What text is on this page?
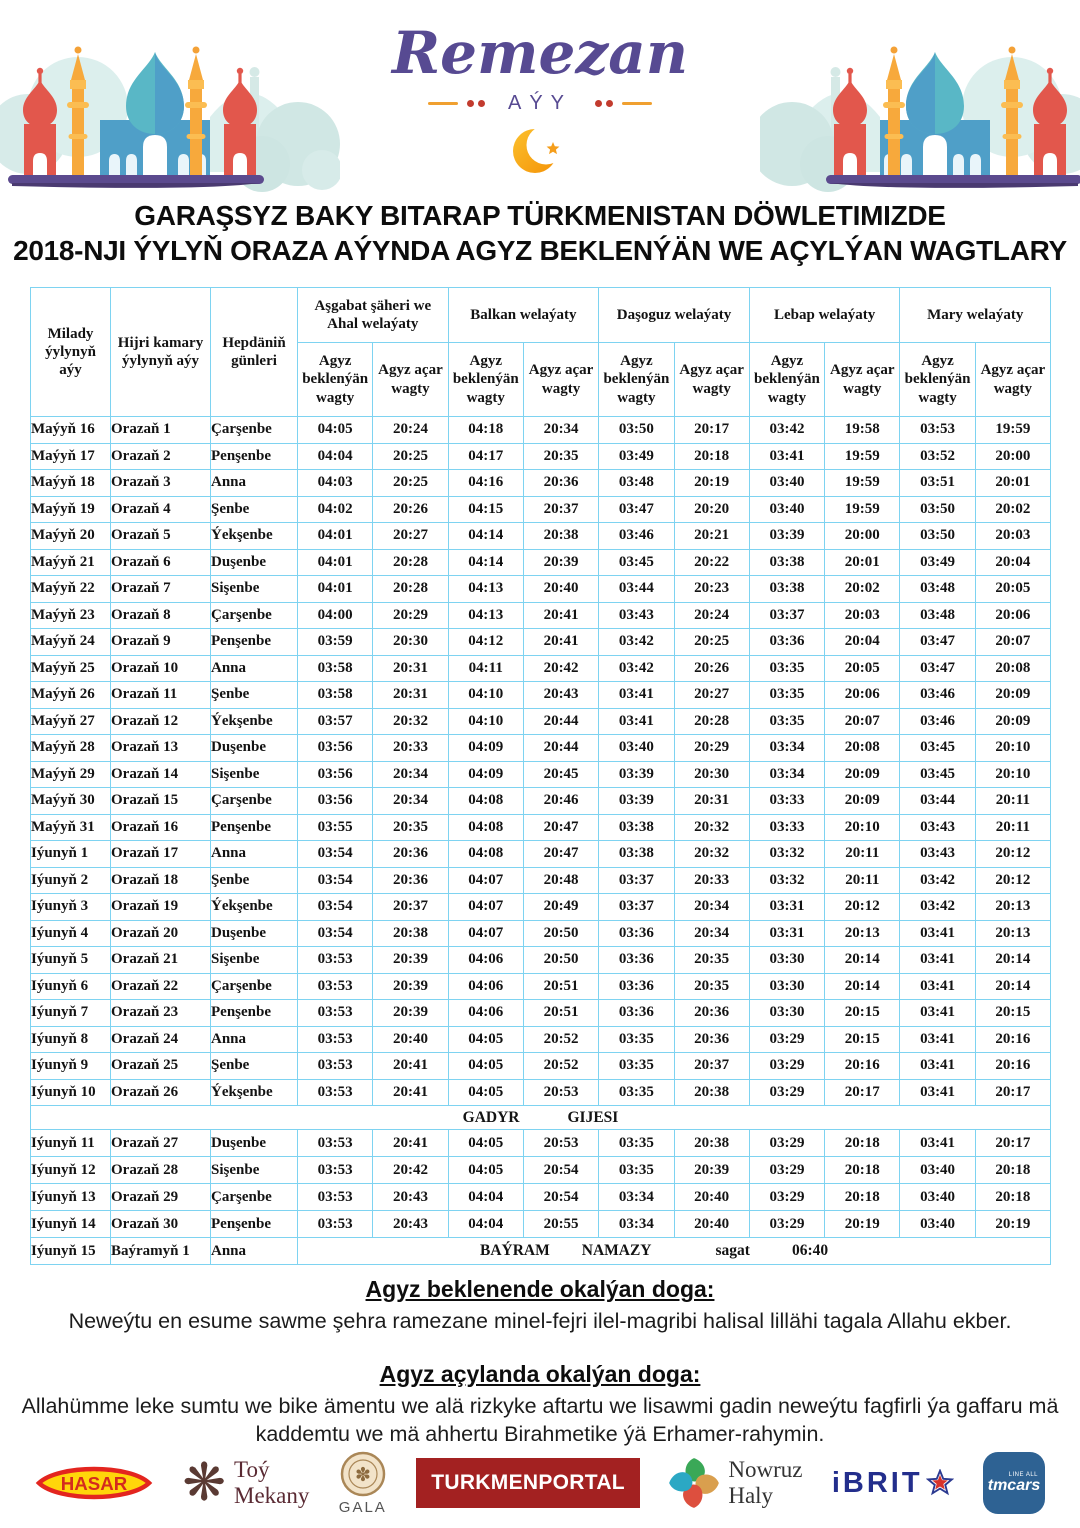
Remezan
AÝY
GARAŞSYZ BAKY BITARAP TÜRKMENISTAN DÖWLETIMIZDE
2018-NJI ÝYLYŇ ORAZA AÝYNDA AGYZ BEKLENÝÄN WE AÇYLÝAN WAGTLARY
Milady ýylynyň aýy	Hijri kamary ýylynyň aýy	Hepdäniň günleri	Aşgabat şäheri we Ahal welaýaty		Balkan welaýaty		Daşoguz welaýaty		Lebap welaýaty		Mary welaýaty	
			Agyz beklenýän wagty	Agyz açar wagty	Agyz beklenýän wagty	Agyz açar wagty	Agyz beklenýän wagty	Agyz açar wagty	Agyz beklenýän wagty	Agyz açar wagty	Agyz beklenýän wagty	Agyz açar wagty
Maýyň 16	Orazaň 1	Çarşenbe	04:05	20:24	04:18	20:34	03:50	20:17	03:42	19:58	03:53	19:59
Maýyň 17	Orazaň 2	Penşenbe	04:04	20:25	04:17	20:35	03:49	20:18	03:41	19:59	03:52	20:00
Maýyň 18	Orazaň 3	Anna	04:03	20:25	04:16	20:36	03:48	20:19	03:40	19:59	03:51	20:01
Maýyň 19	Orazaň 4	Şenbe	04:02	20:26	04:15	20:37	03:47	20:20	03:40	19:59	03:50	20:02
Maýyň 20	Orazaň 5	Ýekşenbe	04:01	20:27	04:14	20:38	03:46	20:21	03:39	20:00	03:50	20:03
Maýyň 21	Orazaň 6	Duşenbe	04:01	20:28	04:14	20:39	03:45	20:22	03:38	20:01	03:49	20:04
Maýyň 22	Orazaň 7	Sişenbe	04:01	20:28	04:13	20:40	03:44	20:23	03:38	20:02	03:48	20:05
Maýyň 23	Orazaň 8	Çarşenbe	04:00	20:29	04:13	20:41	03:43	20:24	03:37	20:03	03:48	20:06
Maýyň 24	Orazaň 9	Penşenbe	03:59	20:30	04:12	20:41	03:42	20:25	03:36	20:04	03:47	20:07
Maýyň 25	Orazaň 10	Anna	03:58	20:31	04:11	20:42	03:42	20:26	03:35	20:05	03:47	20:08
Maýyň 26	Orazaň 11	Şenbe	03:58	20:31	04:10	20:43	03:41	20:27	03:35	20:06	03:46	20:09
Maýyň 27	Orazaň 12	Ýekşenbe	03:57	20:32	04:10	20:44	03:41	20:28	03:35	20:07	03:46	20:09
Maýyň 28	Orazaň 13	Duşenbe	03:56	20:33	04:09	20:44	03:40	20:29	03:34	20:08	03:45	20:10
Maýyň 29	Orazaň 14	Sişenbe	03:56	20:34	04:09	20:45	03:39	20:30	03:34	20:09	03:45	20:10
Maýyň 30	Orazaň 15	Çarşenbe	03:56	20:34	04:08	20:46	03:39	20:31	03:33	20:09	03:44	20:11
Maýyň 31	Orazaň 16	Penşenbe	03:55	20:35	04:08	20:47	03:38	20:32	03:33	20:10	03:43	20:11
Iýunyň 1	Orazaň 17	Anna	03:54	20:36	04:08	20:47	03:38	20:32	03:32	20:11	03:43	20:12
Iýunyň 2	Orazaň 18	Şenbe	03:54	20:36	04:07	20:48	03:37	20:33	03:32	20:11	03:42	20:12
Iýunyň 3	Orazaň 19	Ýekşenbe	03:54	20:37	04:07	20:49	03:37	20:34	03:31	20:12	03:42	20:13
Iýunyň 4	Orazaň 20	Duşenbe	03:54	20:38	04:07	20:50	03:36	20:34	03:31	20:13	03:41	20:13
Iýunyň 5	Orazaň 21	Sişenbe	03:53	20:39	04:06	20:50	03:36	20:35	03:30	20:14	03:41	20:14
Iýunyň 6	Orazaň 22	Çarşenbe	03:53	20:39	04:06	20:51	03:36	20:35	03:30	20:14	03:41	20:14
Iýunyň 7	Orazaň 23	Penşenbe	03:53	20:39	04:06	20:51	03:36	20:36	03:30	20:15	03:41	20:15
Iýunyň 8	Orazaň 24	Anna	03:53	20:40	04:05	20:52	03:35	20:36	03:29	20:15	03:41	20:16
Iýunyň 9	Orazaň 25	Şenbe	03:53	20:41	04:05	20:52	03:35	20:37	03:29	20:16	03:41	20:16
Iýunyň 10	Orazaň 26	Ýekşenbe	03:53	20:41	04:05	20:53	03:35	20:38	03:29	20:17	03:41	20:17
GADYR GIJESI												
Iýunyň 11	Orazaň 27	Duşenbe	03:53	20:41	04:05	20:53	03:35	20:38	03:29	20:18	03:41	20:17
Iýunyň 12	Orazaň 28	Sişenbe	03:53	20:42	04:05	20:54	03:35	20:39	03:29	20:18	03:40	20:18
Iýunyň 13	Orazaň 29	Çarşenbe	03:53	20:43	04:04	20:54	03:34	20:40	03:29	20:18	03:40	20:18
Iýunyň 14	Orazaň 30	Penşenbe	03:53	20:43	04:04	20:55	03:34	20:40	03:29	20:19	03:40	20:19
Iýunyň 15	Baýramyň 1	Anna	BAÝRAM NAMAZY sagat 06:40									
Agyz beklenende okalýan doga:
Neweýtu en esume sawme şehra ramezane minel-fejri ilel-magribi halisal lillähi tagala Allahu ekber.
Agyz açylanda okalýan doga:
Allahümme leke sumtu we bike ämentu we alä rizkyke aftartu we lisawmi gadin neweýtu fagfirli ýa gaffaru mä kaddemtu we mä ahhertu Birahmetike ýä Erhamer-rahymin.
HASAR ❋ Toý
Mekany
✽
GALA
TURKMENPORTAL
Nowruz
Haly	iBRIT	LINE ALL
tmcars
